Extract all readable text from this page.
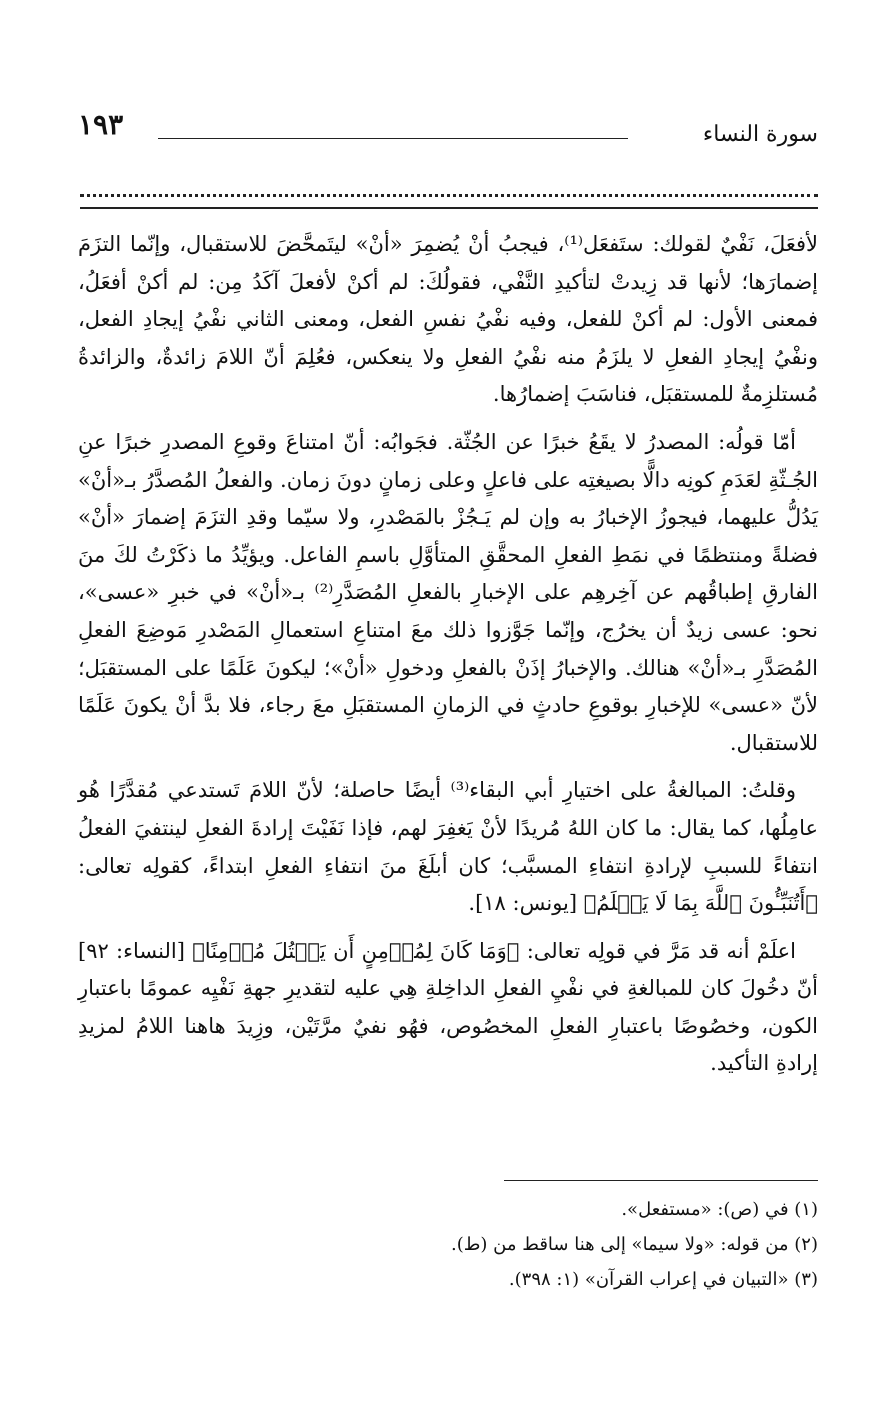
سورة النساء
١٩٣

لأفعَلَ، نَفْيٌ لقولك: ستَفعَل⁽¹⁾، فيجبُ أنْ يُضمِرَ «أنْ» ليتَمحَّضَ للاستقبال، وإنّما التزَمَ إضمارَها؛ لأنها قد زِيدتْ لتأكيدِ النَّفْي، فقولُكَ: لم أكنْ لأفعلَ آكَدُ مِن: لم أكنْ أفعَلُ، فمعنى الأول: لم أكنْ للفعل، وفيه نفْيُ نفسِ الفعل، ومعنى الثاني نفْيُ إيجادِ الفعل، ونفْيُ إيجادِ الفعلِ لا يلزَمُ منه نفْيُ الفعلِ ولا ينعكس، فعُلِمَ أنّ اللامَ زائدةٌ، والزائدةُ مُستلزِمةٌ للمستقبَل، فناسَبَ إضمارُها.

أمّا قولُه: المصدرُ لا يقَعُ خبرًا عن الجُثّة. فجَوابُه: أنّ امتناعَ وقوعِ المصدرِ خبرًا عنِ الجُـثّةِ لعَدَمِ كونِه دالًّا بصيغتِه على فاعلٍ وعلى زمانٍ دونَ زمان. والفعلُ المُصدَّرُ بـ«أنْ» يَدُلُّ عليهما، فيجوزُ الإخبارُ به وإن لم يَـجُزْ بالمَصْدرِ، ولا سيّما وقدِ التزَمَ إضمارَ «أنْ» فضلةً ومنتظمًا في نمَطِ الفعلِ المحقَّقِ المتأوَّلِ باسمِ الفاعل. ويؤيِّدُ ما ذكَرْتُ لكَ منَ الفارقِ إطباقُهم عن آخِرهِم على الإخبارِ بالفعلِ المُصَدَّرِ⁽²⁾ بـ«أنْ» في خبرِ «عسى»، نحو: عسى زيدٌ أن يخرُج، وإنّما جَوَّزوا ذلك معَ امتناعِ استعمالِ المَصْدرِ مَوضِعَ الفعلِ المُصَدَّرِ بـ«أنْ» هنالك. والإخبارُ إذَنْ بالفعلِ ودخولِ «أنْ»؛ ليكونَ عَلَمًا على المستقبَل؛ لأنّ «عسى» للإخبارِ بوقوعِ حادثٍ في الزمانِ المستقبَلِ معَ رجاء، فلا بدَّ أنْ يكونَ عَلَمًا للاستقبال.

وقلتُ: المبالغةُ على اختيارِ أبي البقاء⁽³⁾ أيضًا حاصلة؛ لأنّ اللامَ تَستدعي مُقدَّرًا هُو عامِلُها، كما يقال: ما كان اللهُ مُريدًا لأنْ يَغفِرَ لهم، فإذا نَفَيْتَ إرادةَ الفعلِ لينتفيَ الفعلُ انتفاءً للسببِ لإرادةِ انتفاءِ المسبَّب؛ كان أبلَغَ منَ انتفاءِ الفعلِ ابتداءً، كقولِه تعالى: ﴿أَتُنَبِّـُٔونَ ٱللَّهَ بِمَا لَا يَعۡلَمُ﴾ [يونس: ١٨].

اعلَمْ أنه قد مَرَّ في قولِه تعالى: ﴿وَمَا كَانَ لِمُؤۡمِنٍ أَن يَقۡتُلَ مُؤۡمِنًا﴾ [النساء: ٩٢] أنّ دخُولَ كان للمبالغةِ في نفْيِ الفعلِ الداخِلةِ هِي عليه لتقديرِ جهةِ نَفْيِه عمومًا باعتبارِ الكون، وخصُوصًا باعتبارِ الفعلِ المخصُوص، فهُو نفيٌ مرَّتَيْن، وزِيدَ هاهنا اللامُ لمزيدِ إرادةِ التأكيد.

(١) في (ص): «مستفعل».
(٢) من قوله: «ولا سيما» إلى هنا ساقط من (ط).
(٣) «التبيان في إعراب القرآن» (١: ٣٩٨).
